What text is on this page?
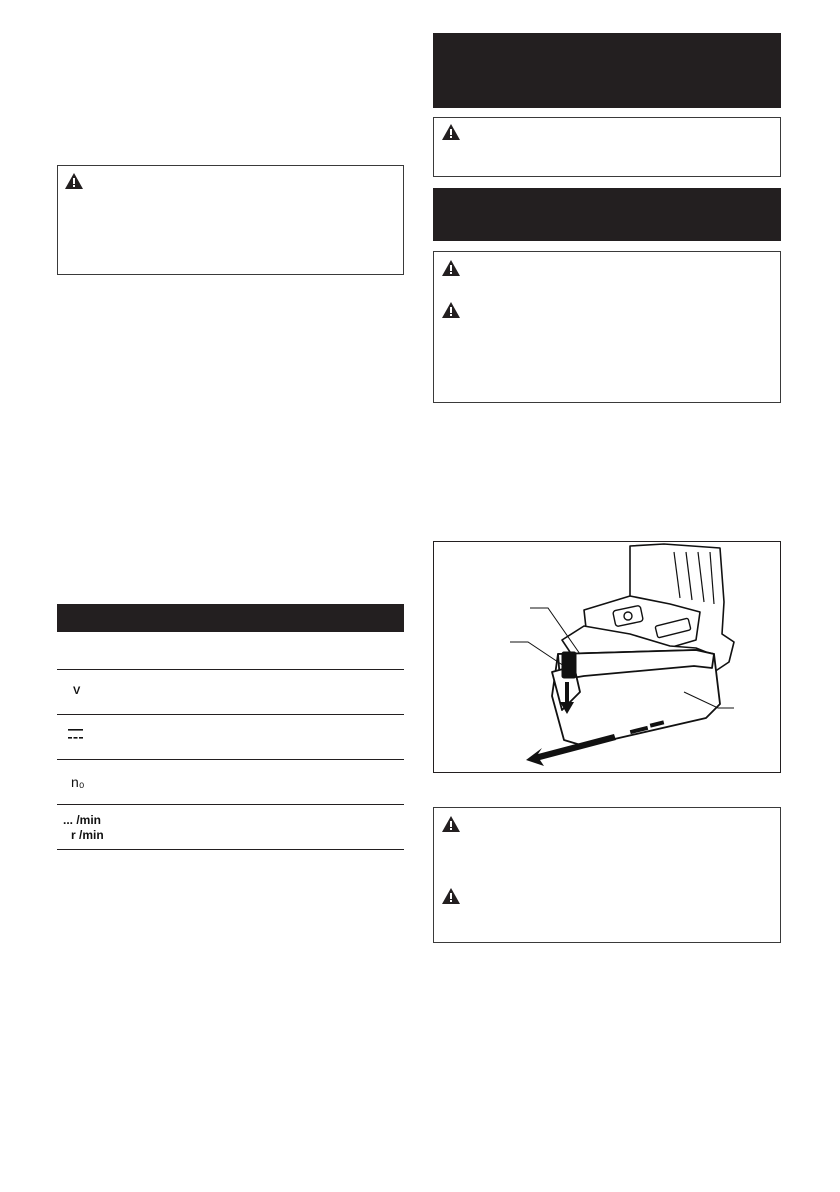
V
n₀
... /min
r /min
